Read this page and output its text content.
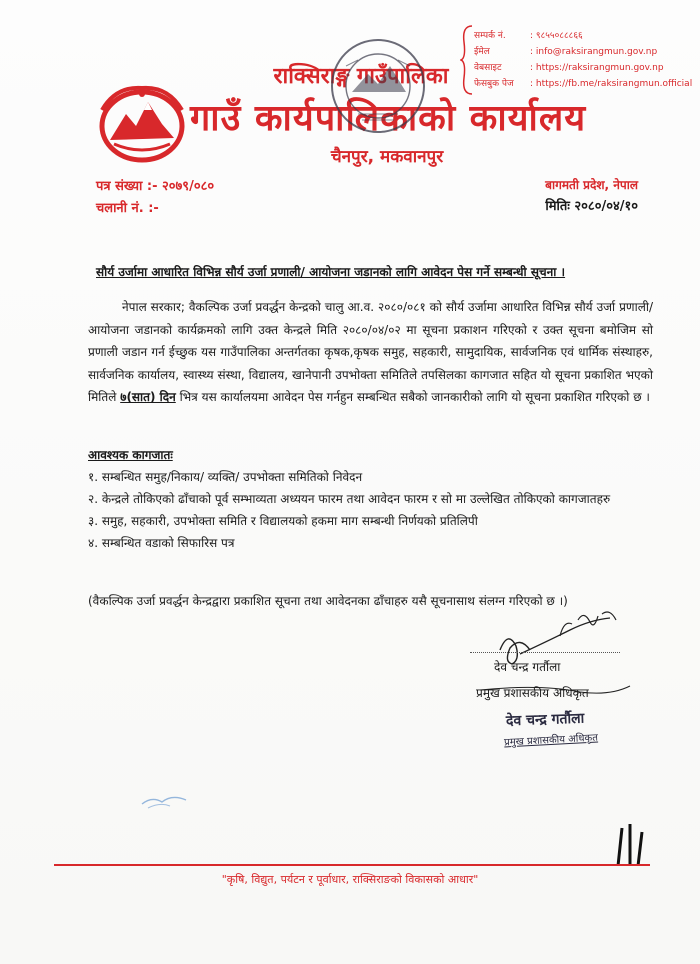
राक्सिराङ्ग गाउँपालिका
गाउँ कार्यपालिकाको कार्यालय
चैनपुर, मकवानपुर
सम्पर्क नं.	: ९८५५०८८८६६
ईमेल	: info@raksirangmun.gov.np
वेबसाइट	: https://raksirangmun.gov.np
फेसबुक पेज : https://fb.me/raksirangmun.official
पत्र संख्या :- २०७९/०८०
चलानी नं. :-
बागमती प्रदेश, नेपाल
मितिः २०८०/०४/१०
सौर्य उर्जामा आधारित विभिन्न सौर्य उर्जा प्रणाली/ आयोजना जडानको लागि आवेदन पेस गर्ने सम्बन्धी सूचना ।
नेपाल सरकार; वैकल्पिक उर्जा प्रवर्द्धन केन्द्रको चालु आ.व. २०८०/०८१ को सौर्य उर्जामा आधारित विभिन्न सौर्य उर्जा प्रणाली/ आयोजना जडानको कार्यक्रमको लागि उक्त केन्द्रले मिति २०८०/०४/०२ मा सूचना प्रकाशन गरिएको र उक्त सूचना बमोजिम सो प्रणाली जडान गर्न ईच्छुक यस गाउँपालिका अन्तर्गतका कृषक,कृषक समुह, सहकारी, सामुदायिक, सार्वजनिक एवं धार्मिक संस्थाहरु, सार्वजनिक कार्यालय, स्वास्थ्य संस्था, विद्यालय, खानेपानी उपभोक्ता समितिले तपसिलका कागजात सहित यो सूचना प्रकाशित भएको मितिले ७(सात) दिन भित्र यस कार्यालयमा आवेदन पेस गर्नहुन सम्बन्धित सबैको जानकारीको लागि यो सूचना प्रकाशित गरिएको छ ।
आवश्यक कागजातः
१. सम्बन्धित समुह/निकाय/ व्यक्ति/ उपभोक्ता समितिको निवेदन
२. केन्द्रले तोकिएको ढाँचाको पूर्व सम्भाव्यता अध्ययन फारम तथा आवेदन फारम र सो मा उल्लेखित तोकिएको कागजातहरु
३. समुह, सहकारी, उपभोक्ता समिति र विद्यालयको हकमा माग सम्बन्धी निर्णयको प्रतिलिपी
४. सम्बन्धित वडाको सिफारिस पत्र
(वैकल्पिक उर्जा प्रवर्द्धन केन्द्रद्वारा प्रकाशित सूचना तथा आवेदनका ढाँचाहरु यसै सूचनासाथ संलग्न गरिएको छ ।)
देव चन्द्र गर्तौला
प्रमुख प्रशासकीय अधिकृत
देव चन्द्र गर्तौला
प्रमुख प्रशासकीय अधिकृत
"कृषि, विद्युत, पर्यटन र पूर्वाधार, राक्सिराङको विकासको आधार"
